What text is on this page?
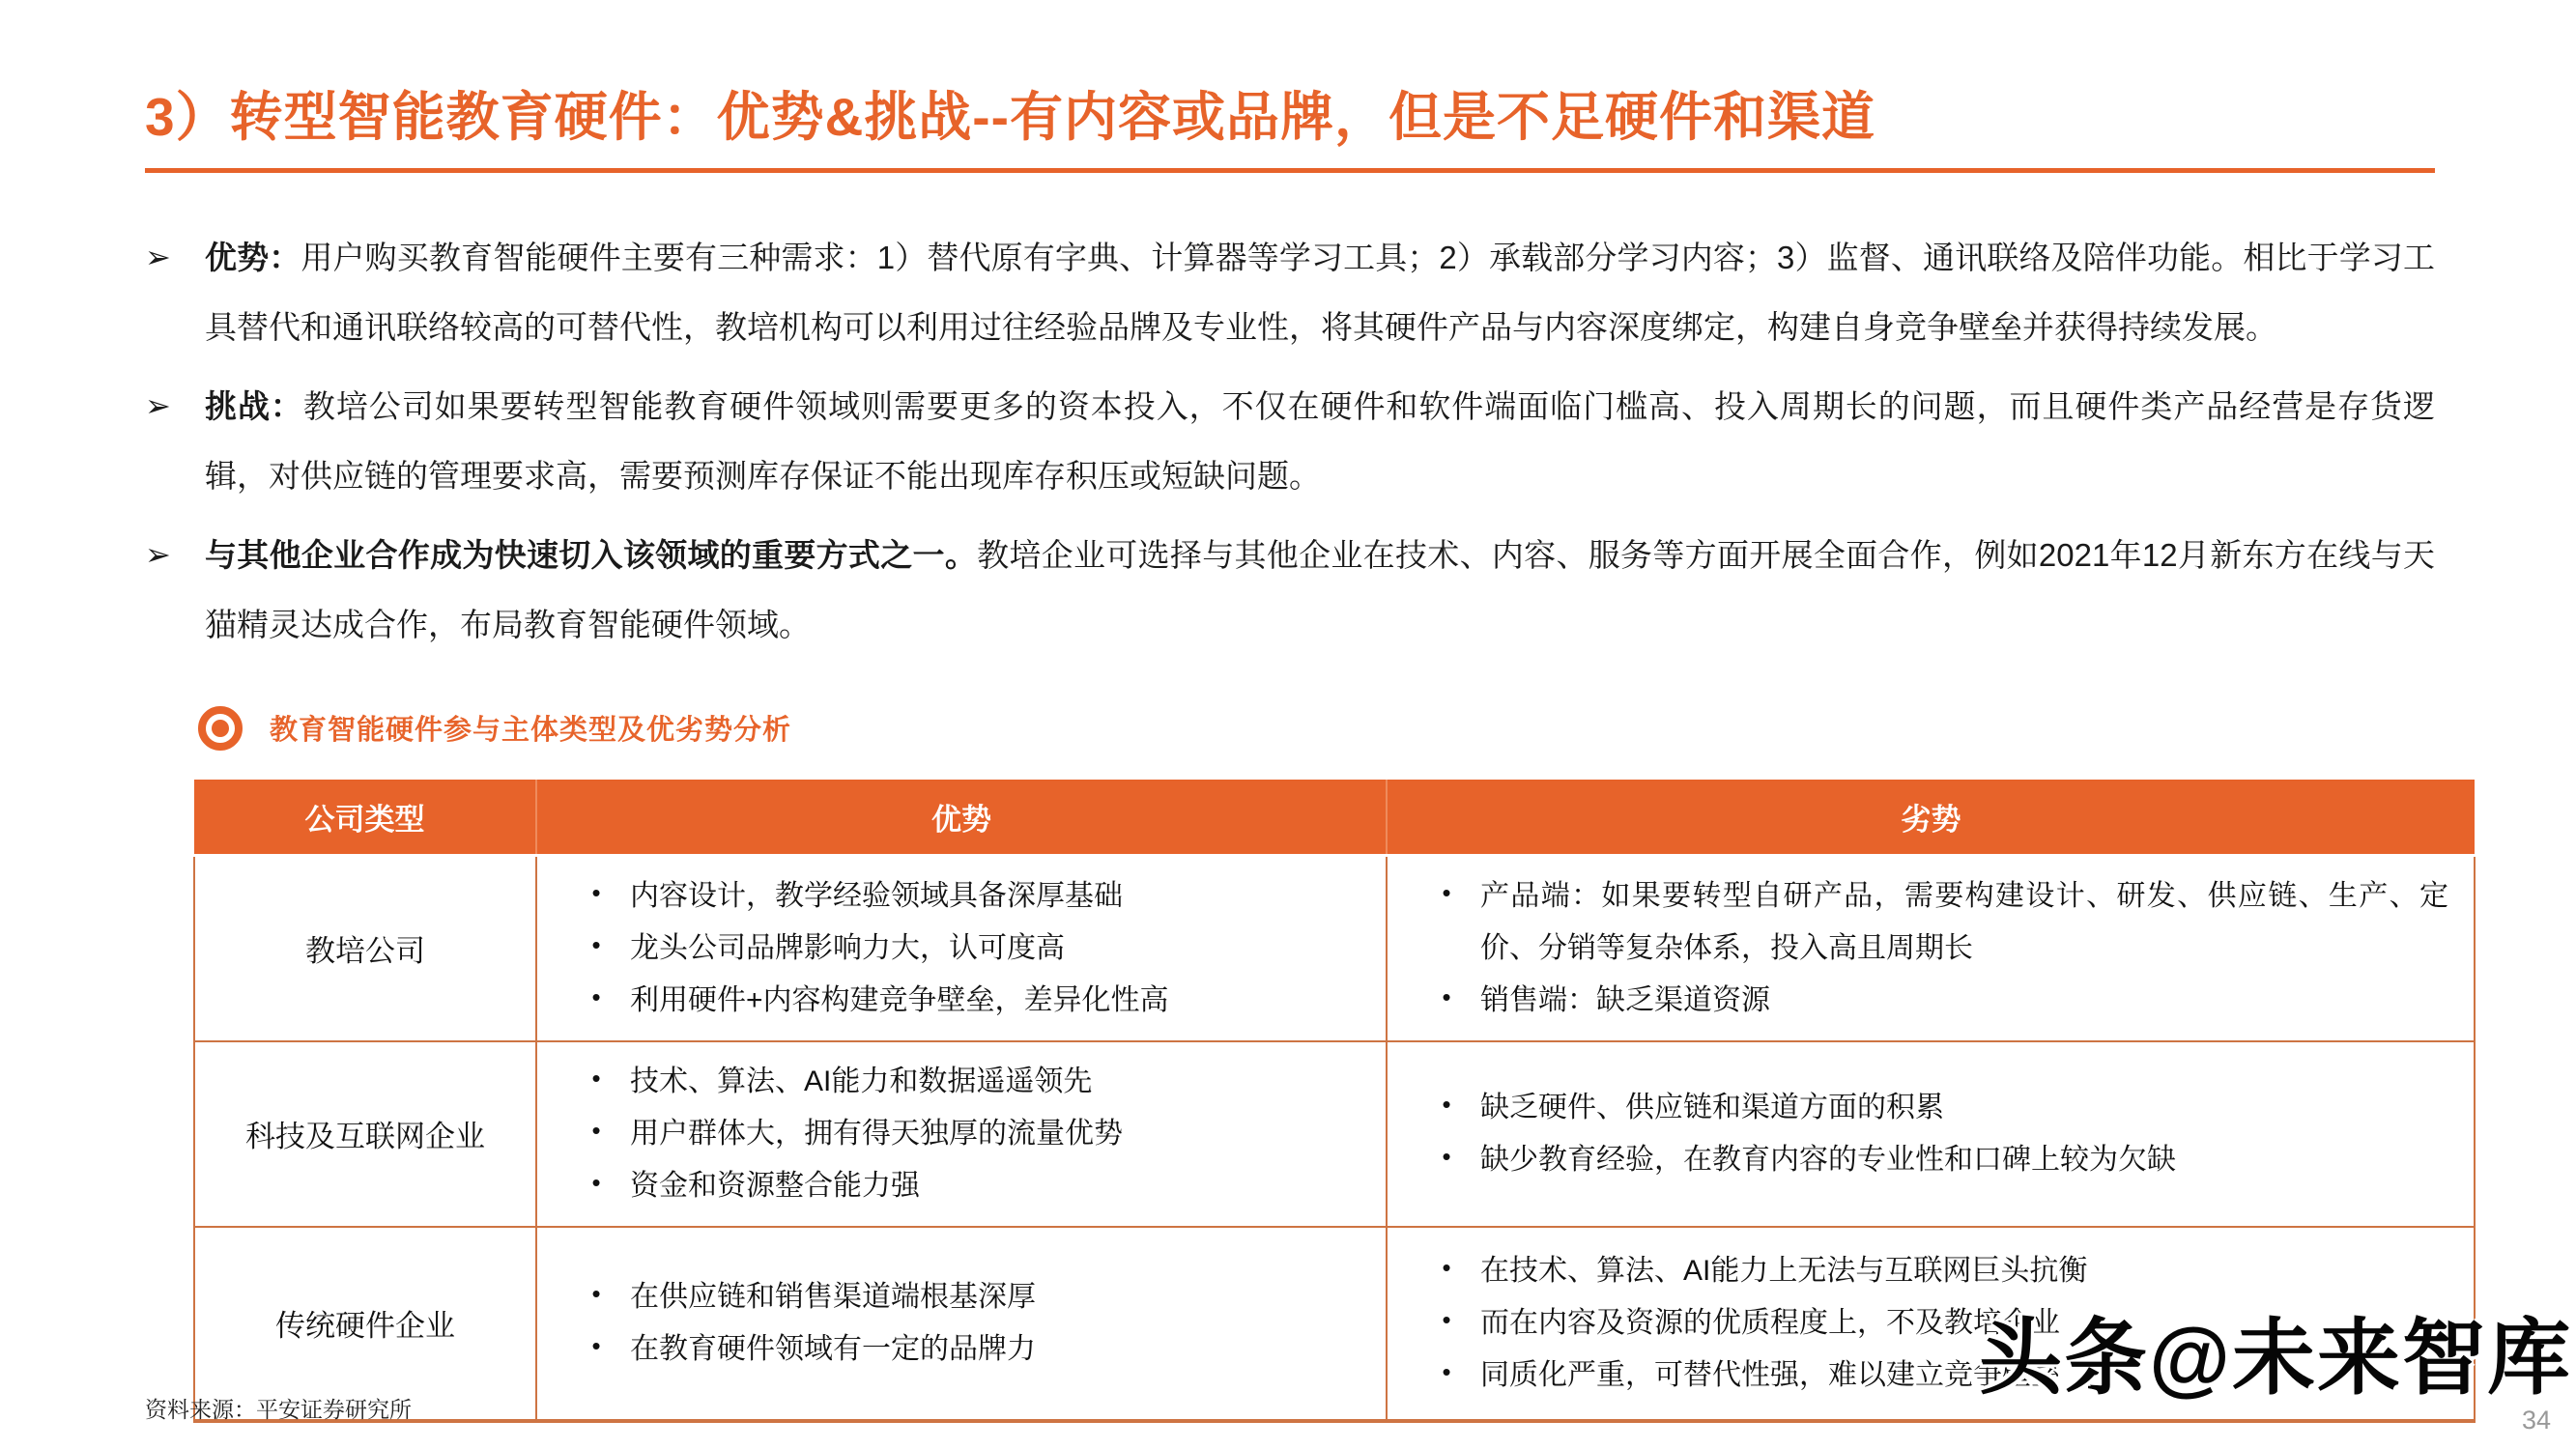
3）转型智能教育硬件：优势&挑战--有内容或品牌，但是不足硬件和渠道
➢	优势：用户购买教育智能硬件主要有三种需求：1）替代原有字典、计算器等学习工具；2）承载部分学习内容；3）监督、通讯联络及陪伴功能。相比于学习工具替代和通讯联络较高的可替代性，教培机构可以利用过往经验品牌及专业性，将其硬件产品与内容深度绑定，构建自身竞争壁垒并获得持续发展。
➢	挑战：教培公司如果要转型智能教育硬件领域则需要更多的资本投入，不仅在硬件和软件端面临门槛高、投入周期长的问题，而且硬件类产品经营是存货逻辑，对供应链的管理要求高，需要预测库存保证不能出现库存积压或短缺问题。
➢	与其他企业合作成为快速切入该领域的重要方式之一。教培企业可选择与其他企业在技术、内容、服务等方面开展全面合作，例如2021年12月新东方在线与天猫精灵达成合作，布局教育智能硬件领域。
教育智能硬件参与主体类型及优劣势分析
公司类型	优势	劣势
教培公司	
•	内容设计，教学经验领域具备深厚基础
•	龙头公司品牌影响力大，认可度高
•	利用硬件+内容构建竞争壁垒，差异化性高

•	产品端：如果要转型自研产品，需要构建设计、研发、供应链、生产、定价、分销等复杂体系，投入高且周期长
•	销售端：缺乏渠道资源

科技及互联网企业	
•	技术、算法、AI能力和数据遥遥领先
•	用户群体大，拥有得天独厚的流量优势
•	资金和资源整合能力强

•	缺乏硬件、供应链和渠道方面的积累
•	缺少教育经验，在教育内容的专业性和口碑上较为欠缺

传统硬件企业	
•	在供应链和销售渠道端根基深厚
•	在教育硬件领域有一定的品牌力

•	在技术、算法、AI能力上无法与互联网巨头抗衡
•	而在内容及资源的优质程度上，不及教培企业
•	同质化严重，可替代性强，难以建立竞争壁垒
资料来源：平安证券研究所	34
头条@未来智库
